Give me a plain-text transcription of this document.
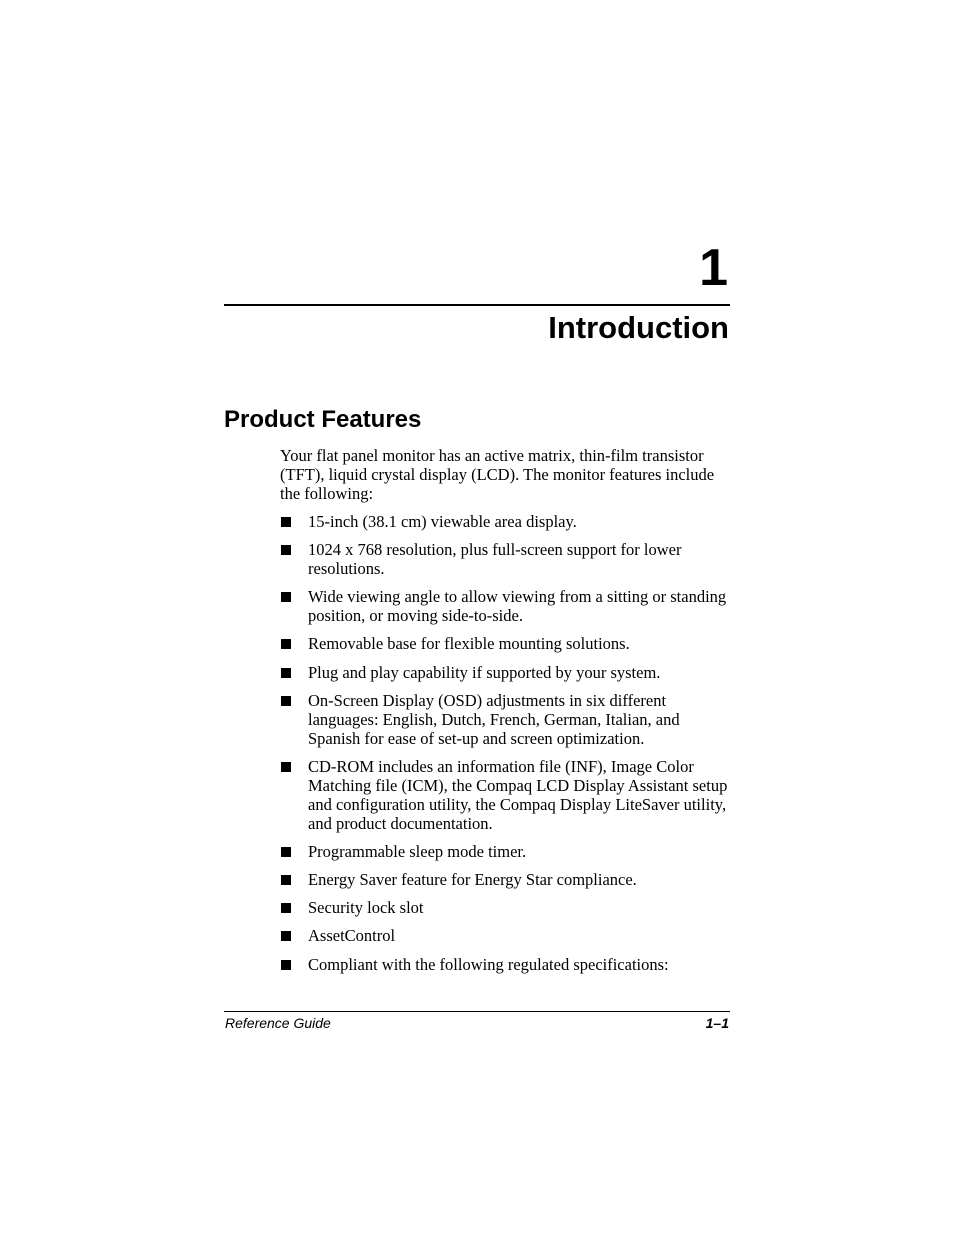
1
Introduction
Product Features

Your flat panel monitor has an active matrix, thin-film transistor (TFT), liquid crystal display (LCD). The monitor features include the following:

15-inch (38.1 cm) viewable area display.
1024 x 768 resolution, plus full-screen support for lower resolutions.
Wide viewing angle to allow viewing from a sitting or standing position, or moving side-to-side.
Removable base for flexible mounting solutions.
Plug and play capability if supported by your system.
On-Screen Display (OSD) adjustments in six different languages: English, Dutch, French, German, Italian, and Spanish for ease of set-up and screen optimization.
CD-ROM includes an information file (INF), Image Color Matching file (ICM), the Compaq LCD Display Assistant setup and configuration utility, the Compaq Display LiteSaver utility, and product documentation.
Programmable sleep mode timer.
Energy Saver feature for Energy Star compliance.
Security lock slot
AssetControl
Compliant with the following regulated specifications:

Reference Guide	1–1
